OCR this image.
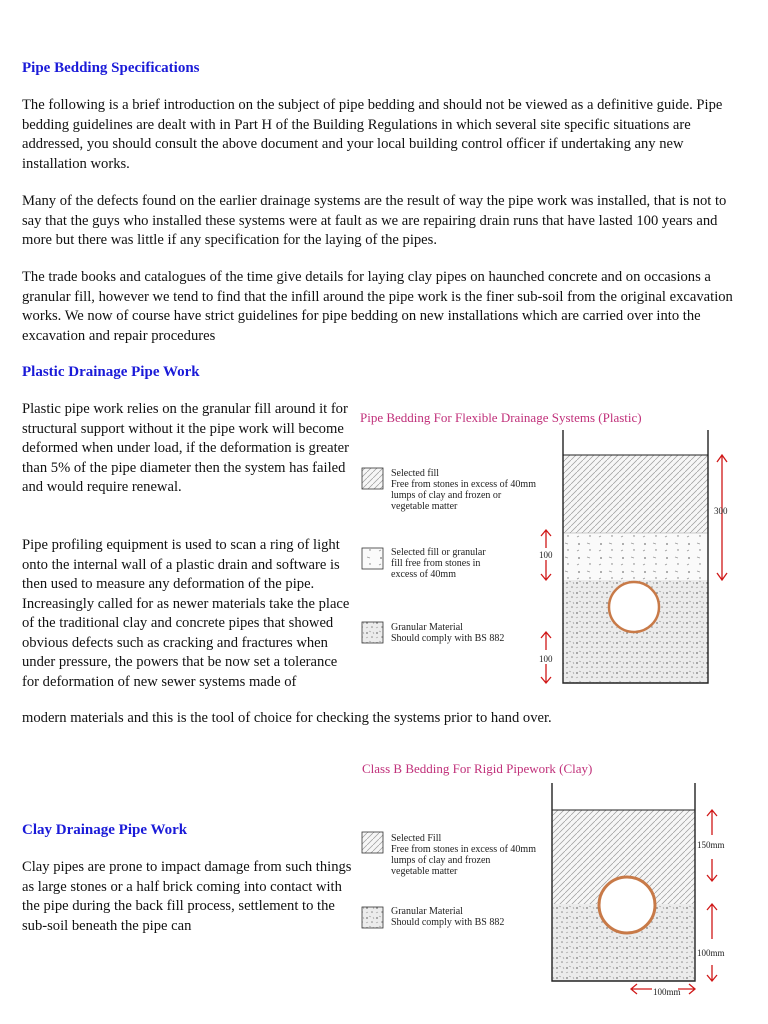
Pipe Bedding Specifications

The following is a brief introduction on the subject of pipe bedding and should not be viewed as a definitive guide. Pipe bedding guidelines are dealt with in Part H of the Building Regulations in which several site specific situations are addressed, you should consult the above document and your local building control officer if undertaking any new installation works.

Many of the defects found on the earlier drainage systems are the result of way the pipe work was installed, that is not to say that the guys who installed these systems were at fault as we are repairing drain runs that have lasted 100 years and more but there was little if any specification for the laying of the pipes.

The trade books and catalogues of the time give details for laying clay pipes on haunched concrete and on occasions a granular fill, however we tend to find that the infill around the pipe work is the finer sub-soil from the original excavation works. We now of course have strict guidelines for pipe bedding on new installations which are carried over into the excavation and repair procedures

Plastic Drainage Pipe Work

Plastic pipe work relies on the granular fill around it for structural support without it the pipe work will become deformed when under load, if the deformation is greater than 5% of the pipe diameter then the system has failed and would require renewal.

Pipe profiling equipment is used to scan a ring of light onto the internal wall of a plastic drain and software is then used to measure any deformation of the pipe. Increasingly called for as newer materials take the place of the traditional clay and concrete pipes that showed obvious defects such as cracking and fractures when under pressure, the powers that be now set a tolerance for deformation of new sewer systems made of

modern materials and this is the tool of choice for checking the systems prior to hand over.

Pipe Bedding For Flexible Drainage Systems (Plastic)
Selected fill
Free from stones in excess of 40mm
lumps of clay and frozen or
vegetable matter
Selected fill or granular
fill free from stones in
excess of 40mm
Granular Material
Should comply with BS 882
300
100
100
Class B Bedding For Rigid Pipework (Clay)
Selected Fill
Free from stones in excess of 40mm
lumps of clay and frozen
vegetable matter
Granular Material
Should comply with BS 882
150mm
100mm
100mm
Clay Drainage Pipe Work

Clay pipes are prone to impact damage from such things as large stones or a half brick coming into contact with the pipe during the back fill process, settlement to the sub-soil beneath the pipe can
